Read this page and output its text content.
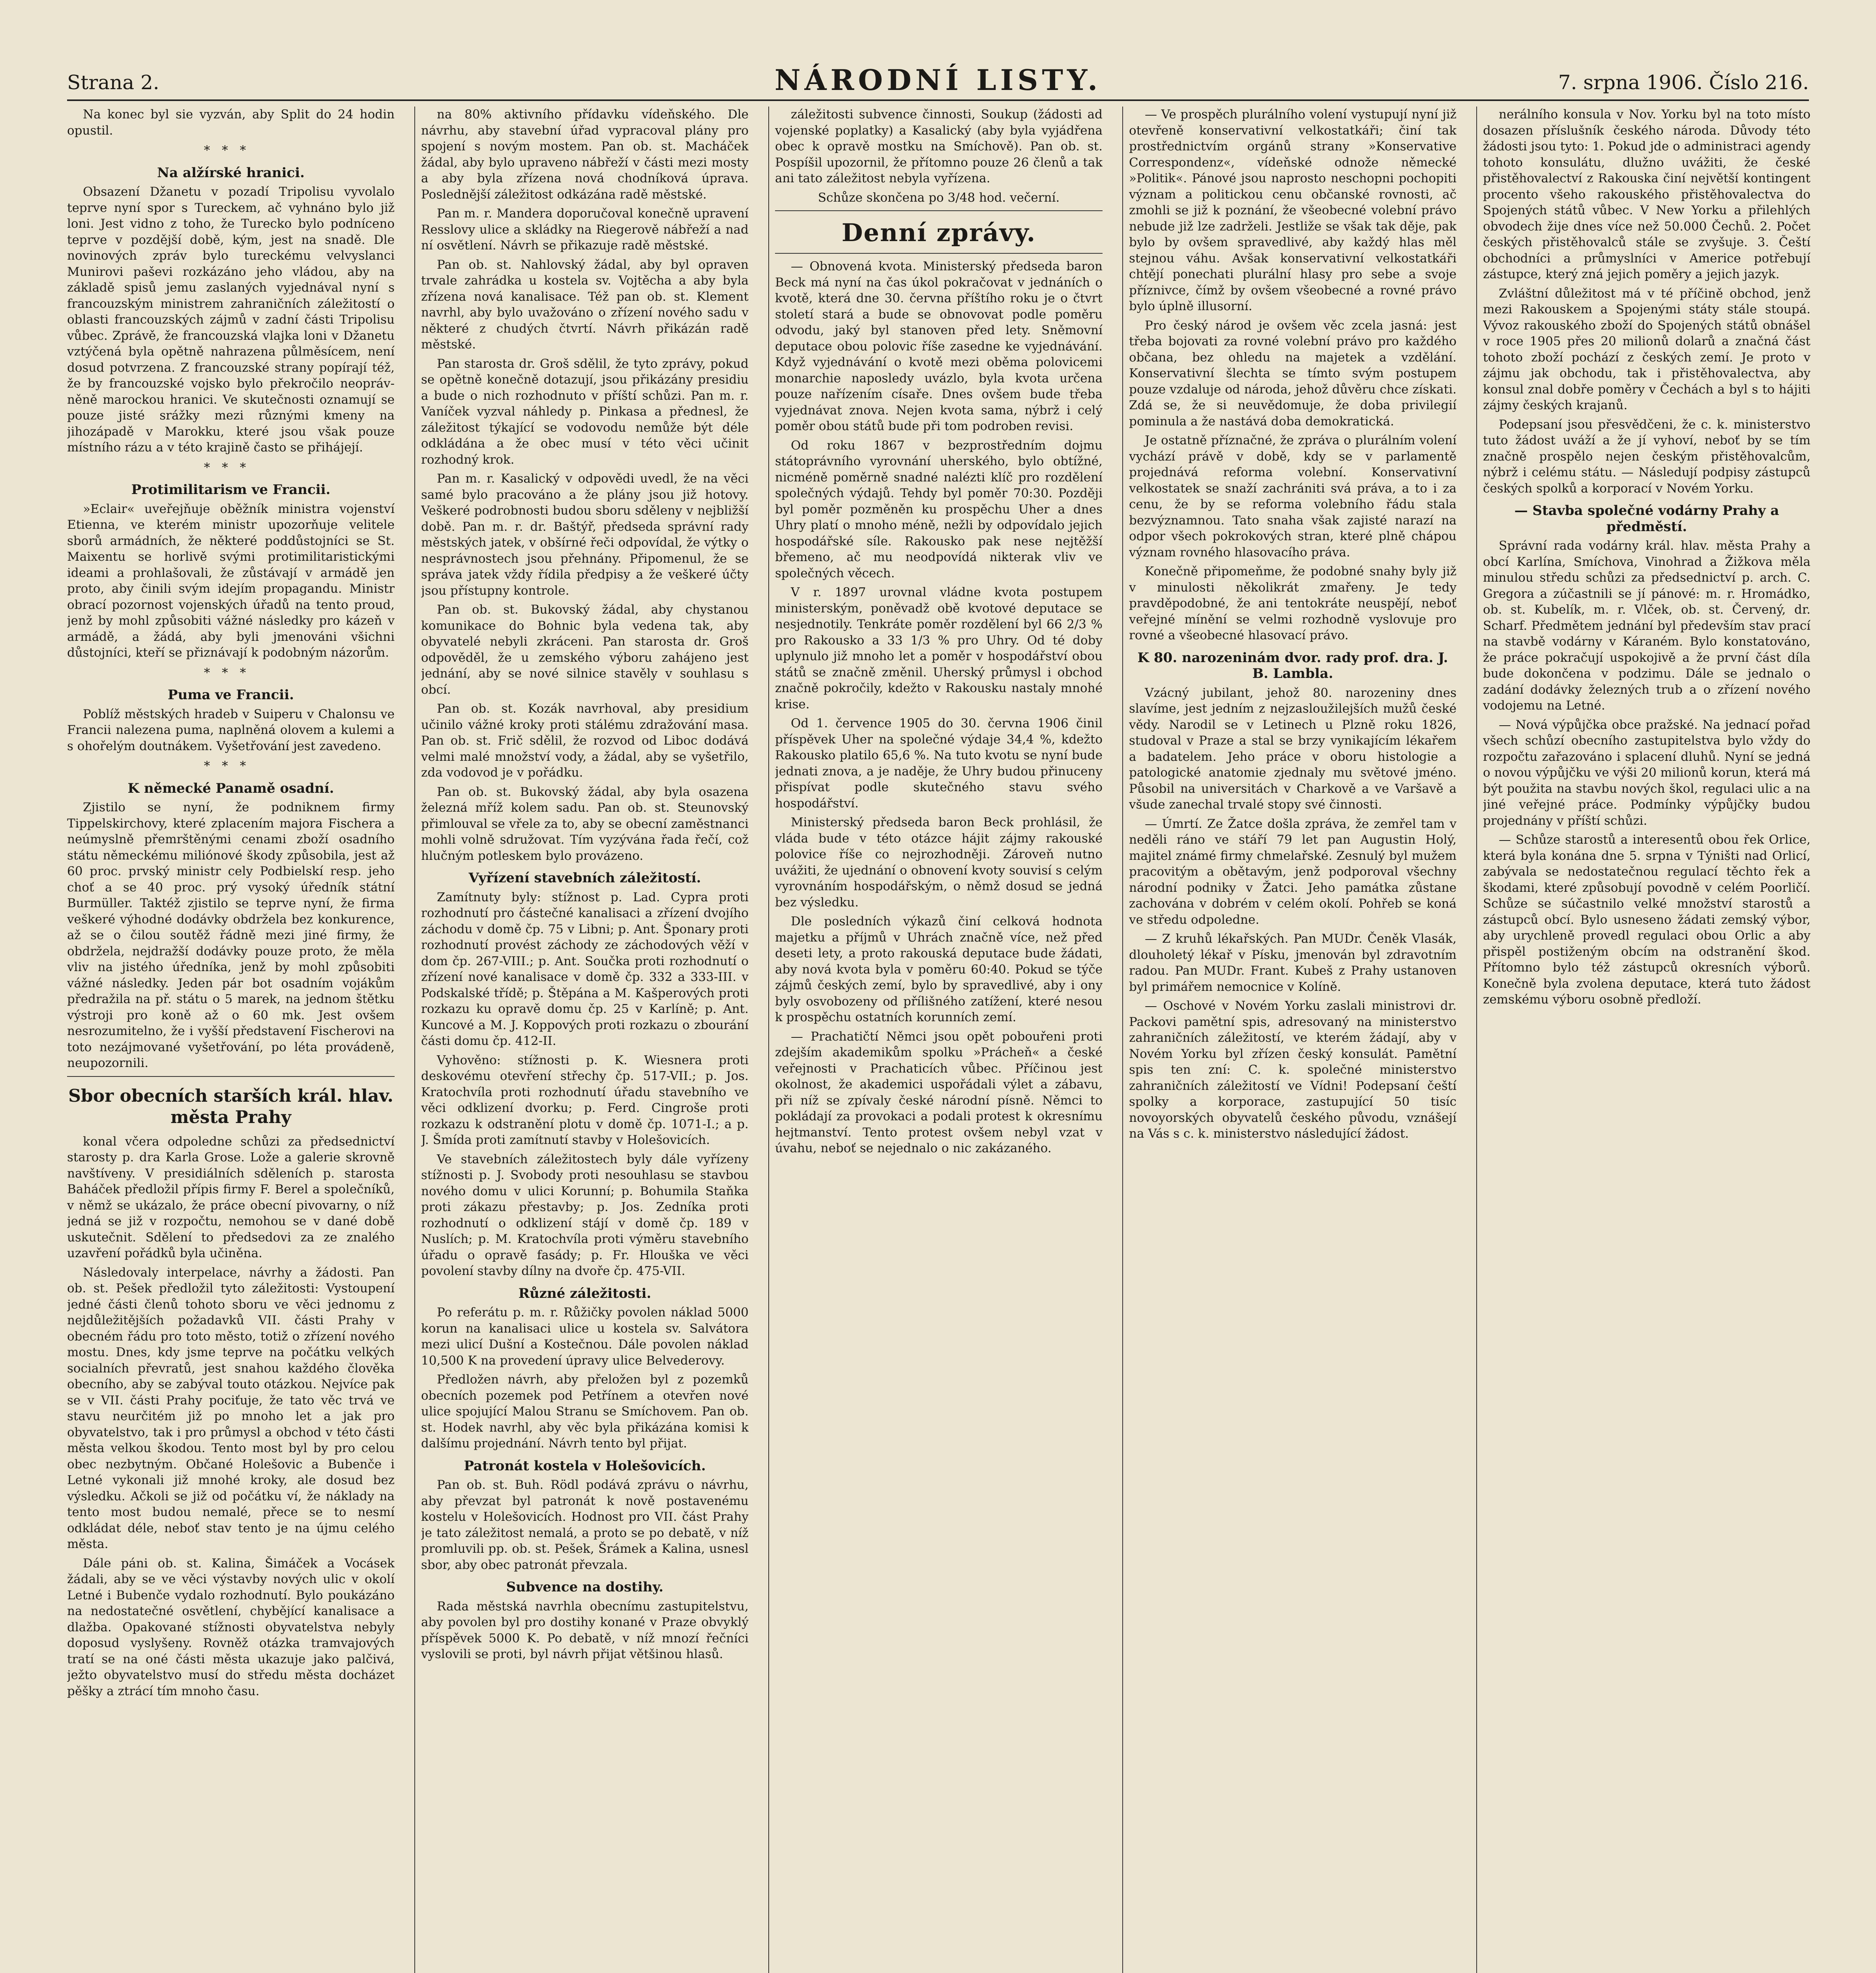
Strana 2.	NÁRODNÍ LISTY.	7. srpna 1906. Číslo 216.

Na konec byl sie vyzván, aby Split do 24 hodin opustil.

***
Na alžírské hranici.

Obsazení Džanetu v pozadí Tripolisu vyvolalo teprve nyní spor s Tureckem, ač vyhnáno bylo již loni. Jest vidno z toho, že Turecko bylo podníceno teprve v pozdější době, kým, jest na snadě. Dle novinových zpráv bylo tureckému velvyslanci Munirovi paševi rozkázáno jeho vládou, aby na základě spisů jemu zaslaných vyjednával nyní s francouzským ministrem zahraničních záležitostí o oblasti francouzských zájmů v zadní části Tripolisu vůbec. Zprávě, že francouzská vlajka loni v Džanetu vztýčená byla opětně nahrazena půlměsícem, není dosud potvrzena. Z francouzské strany popírají též, že by francouzské vojsko bylo překročilo neoprávněně marockou hranici. Ve skutečnosti oznamují se pouze jisté srážky mezi různými kmeny na jihozápadě v Marokku, které jsou však pouze místního rázu a v této krajině často se přihájejí.

***
Protimilitarism ve Francii.

»Eclair« uveřejňuje oběžník ministra vojenství Etienna, ve kterém ministr upozorňuje velitele sborů armádních, že některé poddůstojníci se St. Maixentu se horlivě svými protimilitaristickými ideami a prohlašovali, že zůstávají v armádě jen proto, aby činili svým idejím propagandu. Ministr obrací pozornost vojenských úřadů na tento proud, jenž by mohl způsobiti vážné následky pro kázeň v armádě, a žádá, aby byli jmenováni všichni důstojníci, kteří se přiznávají k podobným názorům.

***
Puma ve Francii.

Poblíž městských hradeb v Suiperu v Chalonsu ve Francii nalezena puma, naplněná olovem a kulemi a s ohořelým doutnákem. Vyšetřování jest zavedeno.

***
K německé Panamě osadní.

Zjistilo se nyní, že podniknem firmy Tippelskirchovy, které zplacením majora Fischera a neúmyslně přemrštěnými cenami zboží osadního státu německému miliónové škody způsobila, jest až 60 proc. prvský ministr cely Podbielskí resp. jeho choť a se 40 proc. prý vysoký úředník státní Burmüller. Taktéž zjistilo se teprve nyní, že firma veškeré výhodné dodávky obdržela bez konkurence, až se o čilou soutěž řádně mezi jiné firmy, že obdržela, nejdražší dodávky pouze proto, že měla vliv na jistého úředníka, jenž by mohl způsobiti vážné následky. Jeden pár bot osadním vojákům předražila na př. státu o 5 marek, na jednom štětku výstroji pro koně až o 60 mk. Jest ovšem nesrozumitelno, že i vyšší představení Fischerovi na toto nezájmované vyšetřování, po léta provádeně, neupozornili.

Sbor obecních starších král. hlav. města Prahy

konal včera odpoledne schůzi za předsednictví starosty p. dra Karla Grose. Lože a galerie skrovně navštíveny. V presidiálních sděleních p. starosta Baháček předložil přípis firmy F. Berel a společníků, v němž se ukázalo, že práce obecní pivovarny, o níž jedná se již v rozpočtu, nemohou se v dané době uskutečnit. Sdělení to předsedovi za ze znalého uzavření pořádků byla učiněna.

Následovaly interpelace, návrhy a žádosti. Pan ob. st. Pešek předložil tyto záležitosti: Vystoupení jedné části členů tohoto sboru ve věci jednomu z nejdůležitějších požadavků VII. části Prahy v obecném řádu pro toto město, totiž o zřízení nového mostu. Dnes, kdy jsme teprve na počátku velkých socialních převratů, jest snahou každého člověka obecního, aby se zabýval touto otázkou. Nejvíce pak se v VII. části Prahy pociťuje, že tato věc trvá ve stavu neurčitém již po mnoho let a jak pro obyvatelstvo, tak i pro průmysl a obchod v této části města velkou škodou. Tento most byl by pro celou obec nezbytným. Občané Holešovic a Bubenče i Letné vykonali již mnohé kroky, ale dosud bez výsledku. Ačkoli se již od počátku ví, že náklady na tento most budou nemalé, přece se to nesmí odkládat déle, neboť stav tento je na újmu celého města.

Dále páni ob. st. Kalina, Šimáček a Vocásek žádali, aby se ve věci výstavby nových ulic v okolí Letné i Bubenče vydalo rozhodnutí. Bylo poukázáno na nedostatečné osvětlení, chybějící kanalisace a dlažba. Opakované stížnosti obyvatelstva nebyly doposud vyslyšeny. Rovněž otázka tramvajových tratí se na oné části města ukazuje jako palčivá, ježto obyvatelstvo musí do středu města docházet pěšky a ztrácí tím mnoho času.

na 80% aktivního přídavku vídeňského. Dle návrhu, aby stavební úřad vypracoval plány pro spojení s novým mostem. Pan ob. st. Macháček žádal, aby bylo upraveno nábřeží v části mezi mosty a aby byla zřízena nová chodníková úprava. Poslednější záležitost odkázána radě městské.

Pan m. r. Mandera doporučoval konečně upravení Resslovy ulice a skládky na Riegerově nábřeží a nad ní osvětlení. Návrh se přikazuje radě městské.

Pan ob. st. Nahlovský žádal, aby byl opraven trvale zahrádka u kostela sv. Vojtěcha a aby byla zřízena nová kanalisace. Též pan ob. st. Klement navrhl, aby bylo uvažováno o zřízení nového sadu v některé z chudých čtvrtí. Návrh přikázán radě městské.

Pan starosta dr. Groš sdělil, že tyto zprávy, pokud se opětně konečně dotazují, jsou přikázány presidiu a bude o nich rozhodnuto v příští schůzi. Pan m. r. Vaníček vyzval náhledy p. Pinkasa a přednesl, že záležitost týkající se vodovodu nemůže být déle odkládána a že obec musí v této věci učinit rozhodný krok.

Pan m. r. Kasalický v odpovědi uvedl, že na věci samé bylo pracováno a že plány jsou již hotovy. Veškeré podrobnosti budou sboru sděleny v nejbližší době. Pan m. r. dr. Baštýř, předseda správní rady městských jatek, v obšírné řeči odpovídal, že výtky o nesprávnostech jsou přehnány. Připomenul, že se správa jatek vždy řídila předpisy a že veškeré účty jsou přístupny kontrole.

Pan ob. st. Bukovský žádal, aby chystanou komunikace do Bohnic byla vedena tak, aby obyvatelé nebyli zkráceni. Pan starosta dr. Groš odpověděl, že u zemského výboru zahájeno jest jednání, aby se nové silnice stavěly v souhlasu s obcí.

Pan ob. st. Kozák navrhoval, aby presidium učinilo vážné kroky proti stálému zdražování masa. Pan ob. st. Frič sdělil, že rozvod od Liboc dodává velmi malé množství vody, a žádal, aby se vyšetřilo, zda vodovod je v pořádku.

Pan ob. st. Bukovský žádal, aby byla osazena železná mříž kolem sadu. Pan ob. st. Steunovský přimlouval se vřele za to, aby se obecní zaměstnanci mohli volně sdružovat. Tím vyzývána řada řečí, což hlučným potleskem bylo provázeno.

Vyřízení stavebních záležitostí.

Zamítnuty byly: stížnost p. Lad. Cypra proti rozhodnutí pro částečné kanalisaci a zřízení dvojího záchodu v domě čp. 75 v Libni; p. Ant. Šponary proti rozhodnutí provést záchody ze záchodových věží v dom čp. 267-VIII.; p. Ant. Součka proti rozhodnutí o zřízení nové kanalisace v domě čp. 332 a 333-III. v Podskalské třídě; p. Štěpána a M. Kašperových proti rozkazu ku opravě domu čp. 25 v Karlíně; p. Ant. Kuncové a M. J. Koppových proti rozkazu o zbourání části domu čp. 412-II.

Vyhověno: stížnosti p. K. Wiesnera proti deskovému otevření střechy čp. 517-VII.; p. Jos. Kratochvíla proti rozhodnutí úřadu stavebního ve věci odklizení dvorku; p. Ferd. Cingroše proti rozkazu k odstranění plotu v domě čp. 1071-I.; a p. J. Šmída proti zamítnutí stavby v Holešovicích.

Ve stavebních záležitostech byly dále vyřízeny stížnosti p. J. Svobody proti nesouhlasu se stavbou nového domu v ulici Korunní; p. Bohumila Staňka proti zákazu přestavby; p. Jos. Zedníka proti rozhodnutí o odklizení stájí v domě čp. 189 v Nuslích; p. M. Kratochvíla proti výměru stavebního úřadu o opravě fasády; p. Fr. Hlouška ve věci povolení stavby dílny na dvoře čp. 475-VII.

Různé záležitosti.

Po referátu p. m. r. Růžičky povolen náklad 5000 korun na kanalisaci ulice u kostela sv. Salvátora mezi ulicí Dušní a Kostečnou. Dále povolen náklad 10,500 K na provedení úpravy ulice Belvederovy.

Předložen návrh, aby přeložen byl z pozemků obecních pozemek pod Petřínem a otevřen nové ulice spojující Malou Stranu se Smíchovem. Pan ob. st. Hodek navrhl, aby věc byla přikázána komisi k dalšímu projednání. Návrh tento byl přijat.

Patronát kostela v Holešovicích.

Pan ob. st. Buh. Rödl podává zprávu o návrhu, aby převzat byl patronát k nově postavenému kostelu v Holešovicích. Hodnost pro VII. část Prahy je tato záležitost nemalá, a proto se po debatě, v níž promluvili pp. ob. st. Pešek, Šrámek a Kalina, usnesl sbor, aby obec patronát převzala.

Subvence na dostihy.

Rada městská navrhla obecnímu zastupitelstvu, aby povolen byl pro dostihy konané v Praze obvyklý příspěvek 5000 K. Po debatě, v níž mnozí řečníci vyslovili se proti, byl návrh přijat většinou hlasů.

záležitosti subvence činnosti, Soukup (žádosti ad vojenské poplatky) a Kasalický (aby byla vyjádřena obec k opravě mostku na Smíchově). Pan ob. st. Pospíšil upozornil, že přítomno pouze 26 členů a tak ani tato záležitost nebyla vyřízena.

Schůze skončena po 3/48 hod. večerní.

Denní zprávy.

— Obnovená kvota. Ministerský předseda baron Beck má nyní na čas úkol pokračovat v jednáních o kvotě, která dne 30. června příštího roku je o čtvrt století stará a bude se obnovovat podle poměru odvodu, jaký byl stanoven před lety. Sněmovní deputace obou polovic říše zasedne ke vyjednávání. Když vyjednávání o kvotě mezi oběma polovicemi monarchie naposledy uvázlo, byla kvota určena pouze nařízením císaře. Dnes ovšem bude třeba vyjednávat znova. Nejen kvota sama, nýbrž i celý poměr obou států bude při tom podroben revisi.

Od roku 1867 v bezprostředním dojmu státoprávního vyrovnání uherského, bylo obtížné, nicméně poměrně snadné nalézti klíč pro rozdělení společných výdajů. Tehdy byl poměr 70:30. Později byl poměr pozměněn ku prospěchu Uher a dnes Uhry platí o mnoho méně, nežli by odpovídalo jejich hospodářské síle. Rakousko pak nese nejtěžší břemeno, ač mu neodpovídá nikterak vliv ve společných věcech.

V r. 1897 urovnal vládne kvota postupem ministerským, poněvadž obě kvotové deputace se nesjednotily. Tenkráte poměr rozdělení byl 66 2/3 % pro Rakousko a 33 1/3 % pro Uhry. Od té doby uplynulo již mnoho let a poměr v hospodářství obou států se značně změnil. Uherský průmysl i obchod značně pokročily, kdežto v Rakousku nastaly mnohé krise.

Od 1. července 1905 do 30. června 1906 činil příspěvek Uher na společné výdaje 34,4 %, kdežto Rakousko platilo 65,6 %. Na tuto kvotu se nyní bude jednati znova, a je naděje, že Uhry budou přinuceny přispívat podle skutečného stavu svého hospodářství.

Ministerský předseda baron Beck prohlásil, že vláda bude v této otázce hájit zájmy rakouské polovice říše co nejrozhodněji. Zároveň nutno uvážiti, že ujednání o obnovení kvoty souvisí s celým vyrovnáním hospodářským, o němž dosud se jedná bez výsledku.

Dle posledních výkazů činí celková hodnota majetku a příjmů v Uhrách značně více, než před deseti lety, a proto rakouská deputace bude žádati, aby nová kvota byla v poměru 60:40. Pokud se týče zájmů českých zemí, bylo by spravedlivé, aby i ony byly osvobozeny od přílišného zatížení, které nesou k prospěchu ostatních korunních zemí.

— Prachatičtí Němci jsou opět pobouřeni proti zdejším akademikům spolku »Prácheň« a české veřejnosti v Prachaticích vůbec. Příčinou jest okolnost, že akademici uspořádali výlet a zábavu, při níž se zpívaly české národní písně. Němci to pokládají za provokaci a podali protest k okresnímu hejtmanství. Tento protest ovšem nebyl vzat v úvahu, neboť se nejednalo o nic zakázaného.

— Ve prospěch plurálního volení vystupují nyní již otevřeně konservativní velkostatkáři; činí tak prostřednictvím orgánů strany »Konservative Correspondenz«, vídeňské odnože německé »Politik«. Pánové jsou naprosto neschopni pochopiti význam a politickou cenu občanské rovnosti, ač zmohli se již k poznání, že všeobecné volební právo nebude již lze zadrželi. Jestliže se však tak děje, pak bylo by ovšem spravedlivé, aby každý hlas měl stejnou váhu. Avšak konservativní velkostatkáři chtějí ponechati plurální hlasy pro sebe a svoje příznivce, čímž by ovšem všeobecné a rovné právo bylo úplně illusorní.

Pro český národ je ovšem věc zcela jasná: jest třeba bojovati za rovné volební právo pro každého občana, bez ohledu na majetek a vzdělání. Konservativní šlechta se tímto svým postupem pouze vzdaluje od národa, jehož důvěru chce získati. Zdá se, že si neuvědomuje, že doba privilegií pominula a že nastává doba demokratická.

Je ostatně příznačné, že zpráva o plurálním volení vychází právě v době, kdy se v parlamentě projednává reforma volební. Konservativní velkostatek se snaží zachrániti svá práva, a to i za cenu, že by se reforma volebního řádu stala bezvýznamnou. Tato snaha však zajisté narazí na odpor všech pokrokových stran, které plně chápou význam rovného hlasovacího práva.

Konečně připomeňme, že podobné snahy byly již v minulosti několikrát zmařeny. Je tedy pravděpodobné, že ani tentokráte neuspějí, neboť veřejné mínění se velmi rozhodně vyslovuje pro rovné a všeobecné hlasovací právo.

K 80. narozeninám dvor. rady prof. dra. J. B. Lambla.

Vzácný jubilant, jehož 80. narozeniny dnes slavíme, jest jedním z nejzasloužilejších mužů české vědy. Narodil se v Letinech u Plzně roku 1826, studoval v Praze a stal se brzy vynikajícím lékařem a badatelem. Jeho práce v oboru histologie a patologické anatomie zjednaly mu světové jméno. Působil na universitách v Charkově a ve Varšavě a všude zanechal trvalé stopy své činnosti.

— Úmrtí. Ze Žatce došla zpráva, že zemřel tam v neděli ráno ve stáří 79 let pan Augustin Holý, majitel známé firmy chmelařské. Zesnulý byl mužem pracovitým a obětavým, jenž podporoval všechny národní podniky v Žatci. Jeho památka zůstane zachována v dobrém v celém okolí. Pohřeb se koná ve středu odpoledne.

— Z kruhů lékařských. Pan MUDr. Čeněk Vlasák, dlouholetý lékař v Písku, jmenován byl zdravotním radou. Pan MUDr. Frant. Kubeš z Prahy ustanoven byl primářem nemocnice v Kolíně.

— Oschové v Novém Yorku zaslali ministrovi dr. Packovi pamětní spis, adresovaný na ministerstvo zahraničních záležitostí, ve kterém žádají, aby v Novém Yorku byl zřízen český konsulát. Pamětní spis ten zní: C. k. společné ministerstvo zahraničních záležitostí ve Vídni! Podepsaní čeští spolky a korporace, zastupující 50 tisíc novoyorských obyvatelů českého původu, vznášejí na Vás s c. k. ministerstvo následující žádost.

nerálního konsula v Nov. Yorku byl na toto místo dosazen příslušník českého národa. Důvody této žádosti jsou tyto: 1. Pokud jde o administraci agendy tohoto konsulátu, dlužno uvážiti, že české přistěhovalectví z Rakouska činí největší kontingent procento všeho rakouského přistěhovalectva do Spojených států vůbec. V New Yorku a přilehlých obvodech žije dnes více než 50.000 Čechů. 2. Počet českých přistěhovalců stále se zvyšuje. 3. Čeští obchodníci a průmyslníci v Americe potřebují zástupce, který zná jejich poměry a jejich jazyk.

Zvláštní důležitost má v té příčině obchod, jenž mezi Rakouskem a Spojenými státy stále stoupá. Vývoz rakouského zboží do Spojených států obnášel v roce 1905 přes 20 milionů dolarů a značná část tohoto zboží pochází z českých zemí. Je proto v zájmu jak obchodu, tak i přistěhovalectva, aby konsul znal dobře poměry v Čechách a byl s to hájiti zájmy českých krajanů.

Podepsaní jsou přesvědčeni, že c. k. ministerstvo tuto žádost uváží a že jí vyhoví, neboť by se tím značně prospělo nejen českým přistěhovalcům, nýbrž i celému státu. — Následují podpisy zástupců českých spolků a korporací v Novém Yorku.

— Stavba společné vodárny Prahy a předměstí.

Správní rada vodárny král. hlav. města Prahy a obcí Karlína, Smíchova, Vinohrad a Žižkova měla minulou středu schůzi za předsednictví p. arch. C. Gregora a zúčastnili se jí pánové: m. r. Hromádko, ob. st. Kubelík, m. r. Vlček, ob. st. Červený, dr. Scharf. Předmětem jednání byl především stav prací na stavbě vodárny v Káraném. Bylo konstatováno, že práce pokračují uspokojivě a že první část díla bude dokončena v podzimu. Dále se jednalo o zadání dodávky železných trub a o zřízení nového vodojemu na Letné.

— Nová výpůjčka obce pražské. Na jednací pořad všech schůzí obecního zastupitelstva bylo vždy do rozpočtu zařazováno i splacení dluhů. Nyní se jedná o novou výpůjčku ve výši 20 milionů korun, která má být použita na stavbu nových škol, regulaci ulic a na jiné veřejné práce. Podmínky výpůjčky budou projednány v příští schůzi.

— Schůze starostů a interesentů obou řek Orlice, která byla konána dne 5. srpna v Týništi nad Orlicí, zabývala se nedostatečnou regulací těchto řek a škodami, které způsobují povodně v celém Poorličí. Schůze se súčastnilo velké množství starostů a zástupců obcí. Bylo usneseno žádati zemský výbor, aby urychleně provedl regulaci obou Orlic a aby přispěl postiženým obcím na odstranění škod. Přítomno bylo též zástupců okresních výborů. Konečně byla zvolena deputace, která tuto žádost zemskému výboru osobně předloží.
